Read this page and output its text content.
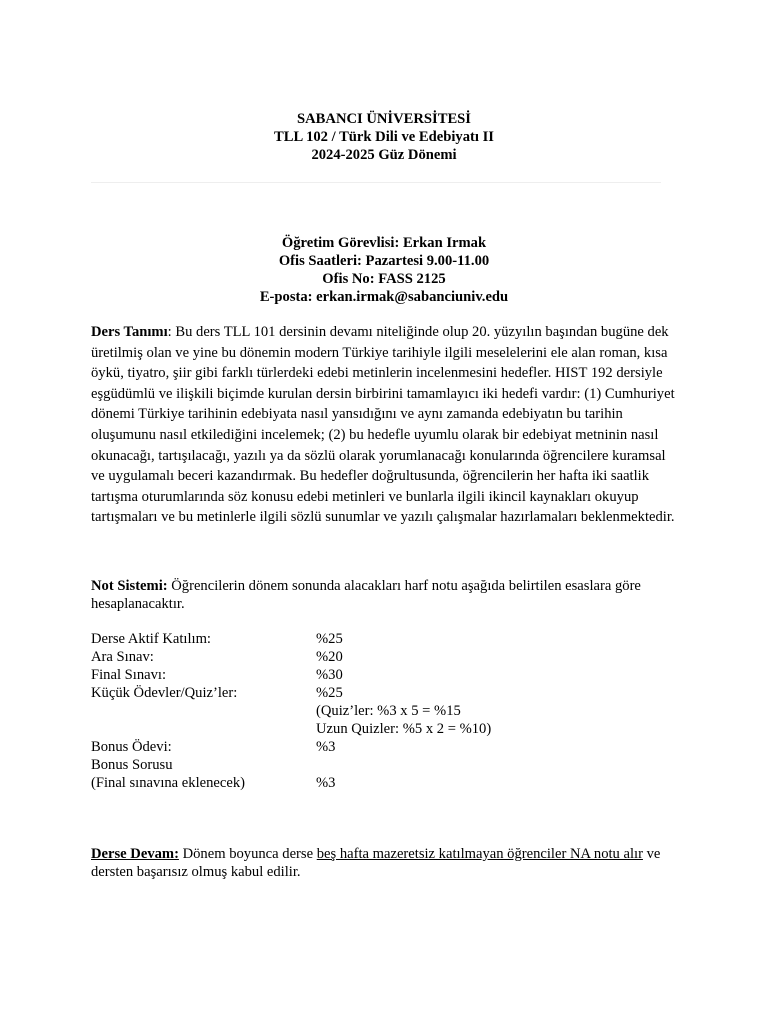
SABANCI ÜNİVERSİTESİ
TLL 102 / Türk Dili ve Edebiyatı II
2024-2025 Güz Dönemi
Öğretim Görevlisi: Erkan Irmak
Ofis Saatleri: Pazartesi 9.00-11.00
Ofis No: FASS 2125
E-posta: erkan.irmak@sabanciuniv.edu

Ders Tanımı: Bu ders TLL 101 dersinin devamı niteliğinde olup 20. yüzyılın başından bugüne dek üretilmiş olan ve yine bu dönemin modern Türkiye tarihiyle ilgili meselelerini ele alan roman, kısa öykü, tiyatro, şiir gibi farklı türlerdeki edebi metinlerin incelenmesini hedefler. HIST 192 dersiyle eşgüdümlü ve ilişkili biçimde kurulan dersin birbirini tamamlayıcı iki hedefi vardır: (1) Cumhuriyet dönemi Türkiye tarihinin edebiyata nasıl yansıdığını ve aynı zamanda edebiyatın bu tarihin oluşumunu nasıl etkilediğini incelemek; (2) bu hedefle uyumlu olarak bir edebiyat metninin nasıl okunacağı, tartışılacağı, yazılı ya da sözlü olarak yorumlanacağı konularında öğrencilere kuramsal ve uygulamalı beceri kazandırmak. Bu hedefler doğrultusunda, öğrencilerin her hafta iki saatlik tartışma oturumlarında söz konusu edebi metinleri ve bunlarla ilgili ikincil kaynakları okuyup tartışmaları ve bu metinlerle ilgili sözlü sunumlar ve yazılı çalışmalar hazırlamaları beklenmektedir.

Not Sistemi: Öğrencilerin dönem sonunda alacakları harf notu aşağıda belirtilen esaslara göre hesaplanacaktır.

Derse Aktif Katılım:	%25
Ara Sınav:	%20
Final Sınavı:	%30
Küçük Ödevler/Quiz’ler:	%25
(Quiz’ler: %3 x 5 = %15
Uzun Quizler: %5 x 2 = %10)
Bonus Ödevi:	%3
Bonus Sorusu
(Final sınavına eklenecek)	%3

Derse Devam: Dönem boyunca derse beş hafta mazeretsiz katılmayan öğrenciler NA notu alır ve dersten başarısız olmuş kabul edilir.
